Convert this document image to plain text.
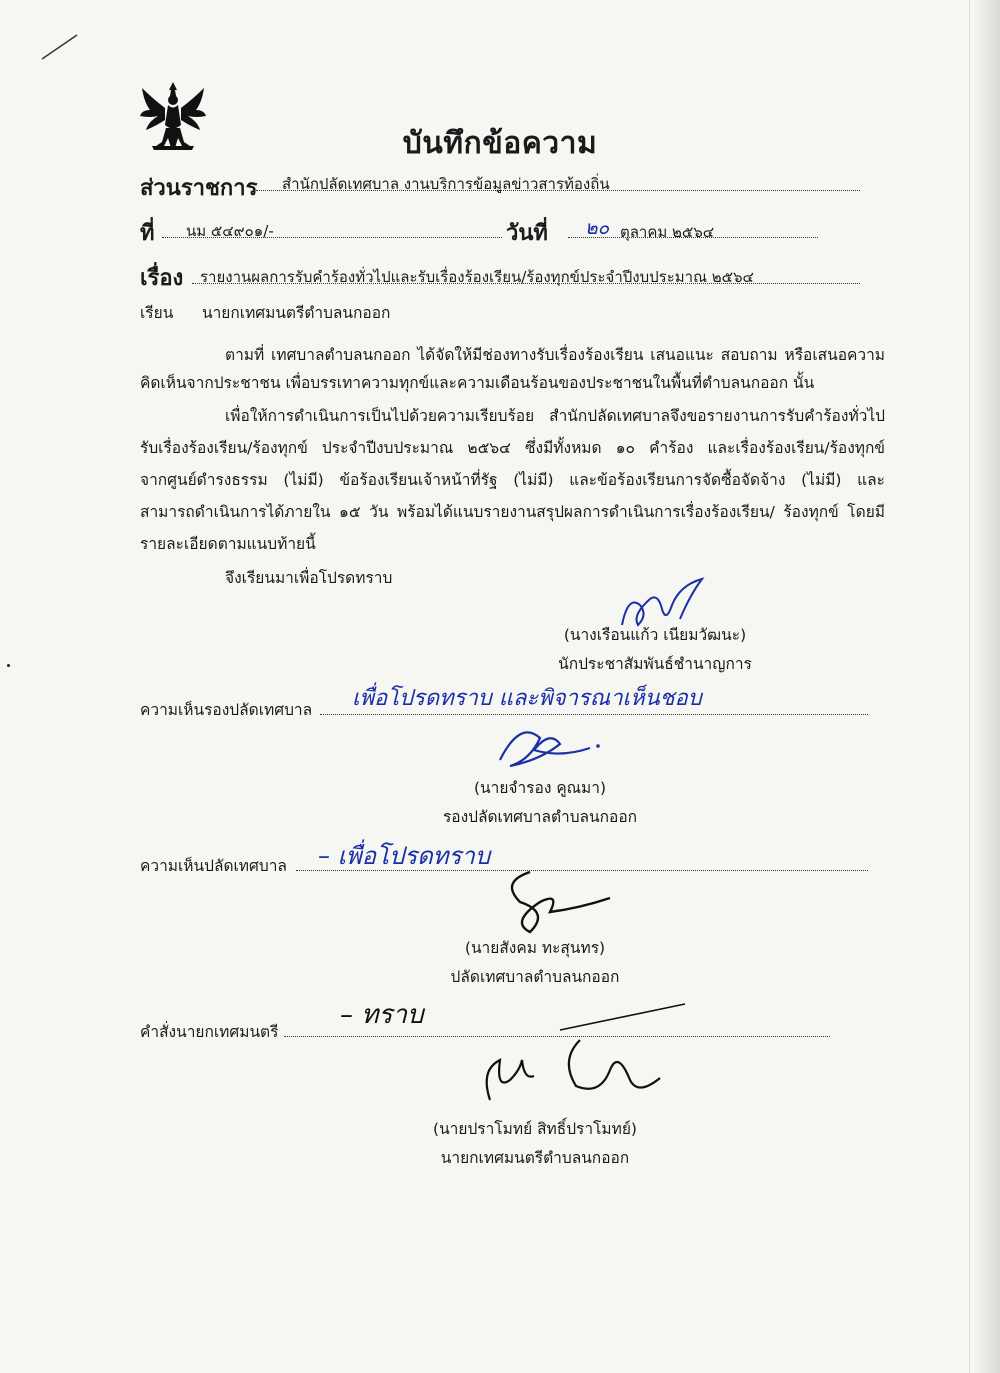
บันทึกข้อความ
ส่วนราชการ สำนักปลัดเทศบาล งานบริการข้อมูลข่าวสารท้องถิ่น
ที่ นม ๕๔๙๐๑/-	วันที่ ๒๐ ตุลาคม ๒๕๖๔
เรื่อง รายงานผลการรับคำร้องทั่วไปและรับเรื่องร้องเรียน/ร้องทุกข์ประจำปีงบประมาณ ๒๕๖๔
เรียน นายกเทศมนตรีตำบลนกออก
ตามที่ เทศบาลตำบลนกออก ได้จัดให้มีช่องทางรับเรื่องร้องเรียน เสนอแนะ สอบถาม หรือเสนอความ
คิดเห็นจากประชาชน เพื่อบรรเทาความทุกข์และความเดือนร้อนของประชาชนในพื้นที่ตำบลนกออก นั้น
เพื่อให้การดำเนินการเป็นไปด้วยความเรียบร้อย สำนักปลัดเทศบาลจึงขอรายงานการรับคำร้องทั่วไป
รับเรื่องร้องเรียน/ร้องทุกข์ ประจำปีงบประมาณ ๒๕๖๔ ซึ่งมีทั้งหมด ๑๐ คำร้อง และเรื่องร้องเรียน/ร้องทุกข์
จากศูนย์ดำรงธรรม (ไม่มี) ข้อร้องเรียนเจ้าหน้าที่รัฐ (ไม่มี) และข้อร้องเรียนการจัดซื้อจัดจ้าง (ไม่มี) และ
สามารถดำเนินการได้ภายใน ๑๕ วัน พร้อมได้แนบรายงานสรุปผลการดำเนินการเรื่องร้องเรียน/ ร้องทุกข์ โดยมี
รายละเอียดตามแนบท้ายนี้
จึงเรียนมาเพื่อโปรดทราบ
(นางเรือนแก้ว เนียมวัฒนะ)
นักประชาสัมพันธ์ชำนาญการ
ความเห็นรองปลัดเทศบาล เพื่อโปรดทราบ และพิจารณาเห็นชอบ
(นายจำรอง คูณมา)
รองปลัดเทศบาลตำบลนกออก
ความเห็นปลัดเทศบาล – เพื่อโปรดทราบ
(นายสังคม ทะสุนทร)
ปลัดเทศบาลตำบลนกออก
คำสั่งนายกเทศมนตรี
– ทราบ
(นายปราโมทย์ สิทธิ์ปราโมทย์)
นายกเทศมนตรีตำบลนกออก
